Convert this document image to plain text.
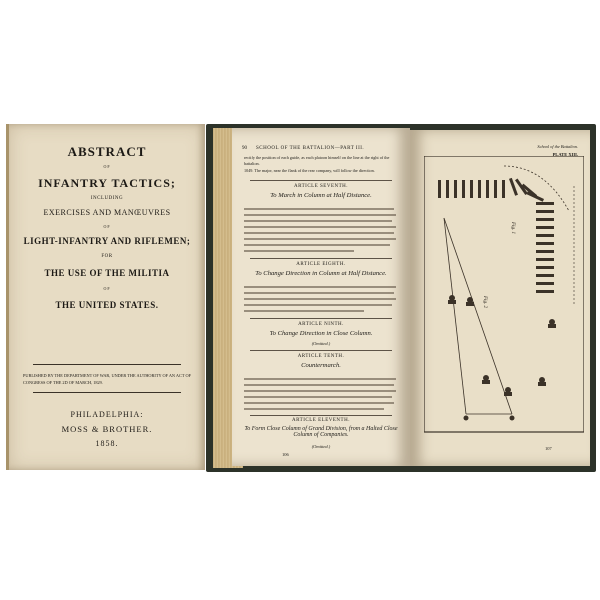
ABSTRACT
OF
INFANTRY TACTICS;
INCLUDING
EXERCISES AND MANŒUVRES
OF
LIGHT-INFANTRY AND RIFLEMEN;
FOR
THE USE OF THE MILITIA
OF
THE UNITED STATES.
PUBLISHED BY THE DEPARTMENT OF WAR, UNDER THE AUTHORITY OF AN ACT OF CONGRESS OF THE 2D OF MARCH, 1829.
PHILADELPHIA:
MOSS & BROTHER.
1858.
90 SCHOOL OF THE BATTALION—PART III.
rectify the position of each guide, as each platoon himself on the line at the right of the battalion.
1049. The major, near the flank of the rear company, will follow the direction.
ARTICLE SEVENTH.
To March in Column at Half Distance.
ARTICLE EIGHTH.
To Change Direction in Column at Half Distance.
ARTICLE NINTH.
To Change Direction in Close Column.
(Omitted.)
ARTICLE TENTH.
Countermarch.
ARTICLE ELEVENTH.
To Form Close Column of Grand Division, from a Halted Close Column of Companies.
(Omitted.)
106
School of the Battalion.
PLATE XIII.
107
Fig. 1
Fig. 2
